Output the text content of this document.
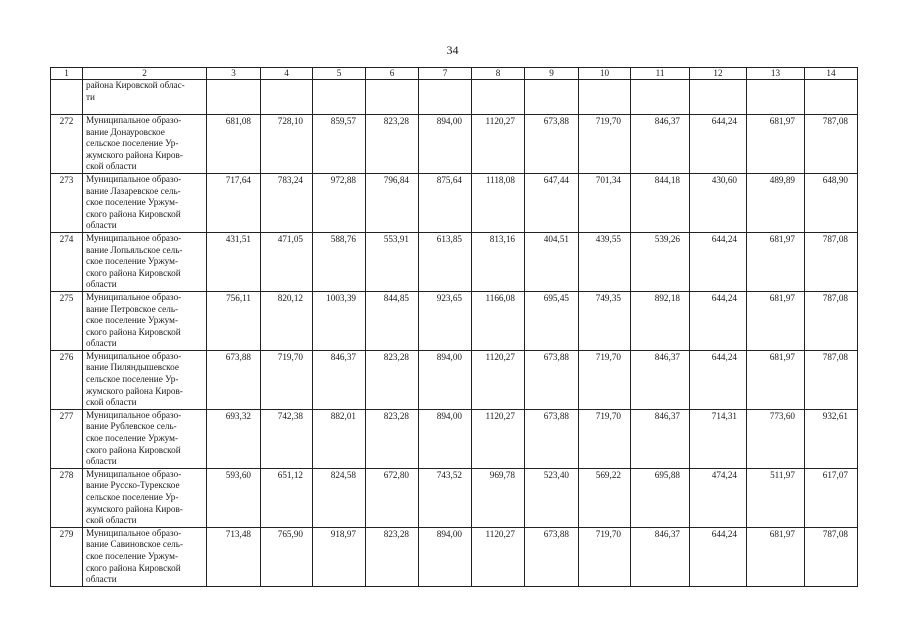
34
1	2	3	4	5	6	7	8	9	10	11	12	13	14
	района Кировской облас-
ти												
272	Муниципальное образо-
вание Донауровское
сельское поселение Ур-
жумского района Киров-
ской области	681,08	728,10	859,57	823,28	894,00	1120,27	673,88	719,70	846,37	644,24	681,97	787,08
273	Муниципальное образо-
вание Лазаревское сель-
ское поселение Уржум-
ского района Кировской
области	717,64	783,24	972,88	796,84	875,64	1118,08	647,44	701,34	844,18	430,60	489,89	648,90
274	Муниципальное образо-
вание Лопьяльское сель-
ское поселение Уржум-
ского района Кировской
области	431,51	471,05	588,76	553,91	613,85	813,16	404,51	439,55	539,26	644,24	681,97	787,08
275	Муниципальное образо-
вание Петровское сель-
ское поселение Уржум-
ского района Кировской
области	756,11	820,12	1003,39	844,85	923,65	1166,08	695,45	749,35	892,18	644,24	681,97	787,08
276	Муниципальное образо-
вание Пиляндышевское
сельское поселение Ур-
жумского района Киров-
ской области	673,88	719,70	846,37	823,28	894,00	1120,27	673,88	719,70	846,37	644,24	681,97	787,08
277	Муниципальное образо-
вание Рублевское сель-
ское поселение Уржум-
ского района Кировской
области	693,32	742,38	882,01	823,28	894,00	1120,27	673,88	719,70	846,37	714,31	773,60	932,61
278	Муниципальное образо-
вание Русско-Турекское
сельское поселение Ур-
жумского района Киров-
ской области	593,60	651,12	824,58	672,80	743,52	969,78	523,40	569,22	695,88	474,24	511,97	617,07
279	Муниципальное образо-
вание Савиновское сель-
ское поселение Уржум-
ского района Кировской
области	713,48	765,90	918,97	823,28	894,00	1120,27	673,88	719,70	846,37	644,24	681,97	787,08
